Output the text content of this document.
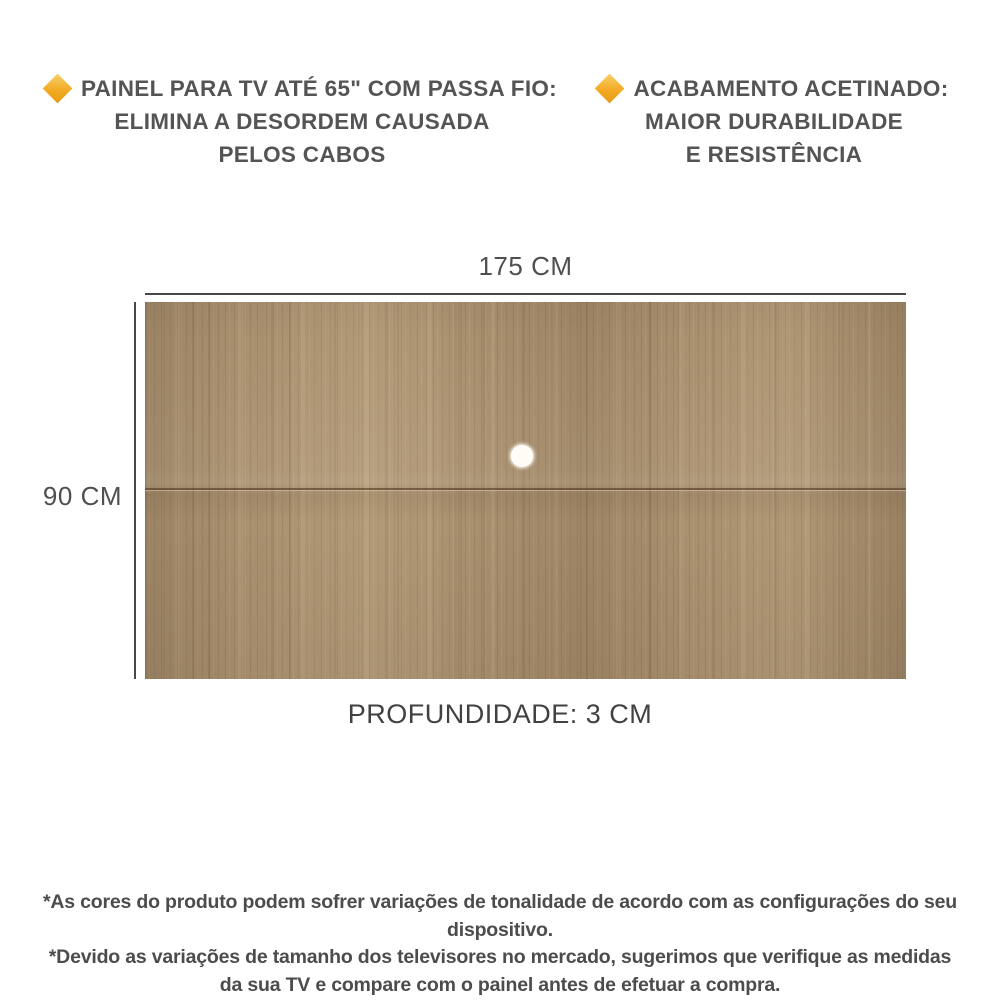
PAINEL PARA TV ATÉ 65" COM PASSA FIO:
ELIMINA A DESORDEM CAUSADA
PELOS CABOS
ACABAMENTO ACETINADO:
MAIOR DURABILIDADE
E RESISTÊNCIA
175 CM
90 CM
PROFUNDIDADE: 3 CM
*As cores do produto podem sofrer variações de tonalidade de acordo com as configurações do seu dispositivo.
*Devido as variações de tamanho dos televisores no mercado, sugerimos que verifique as medidas
da sua TV e compare com o painel antes de efetuar a compra.
